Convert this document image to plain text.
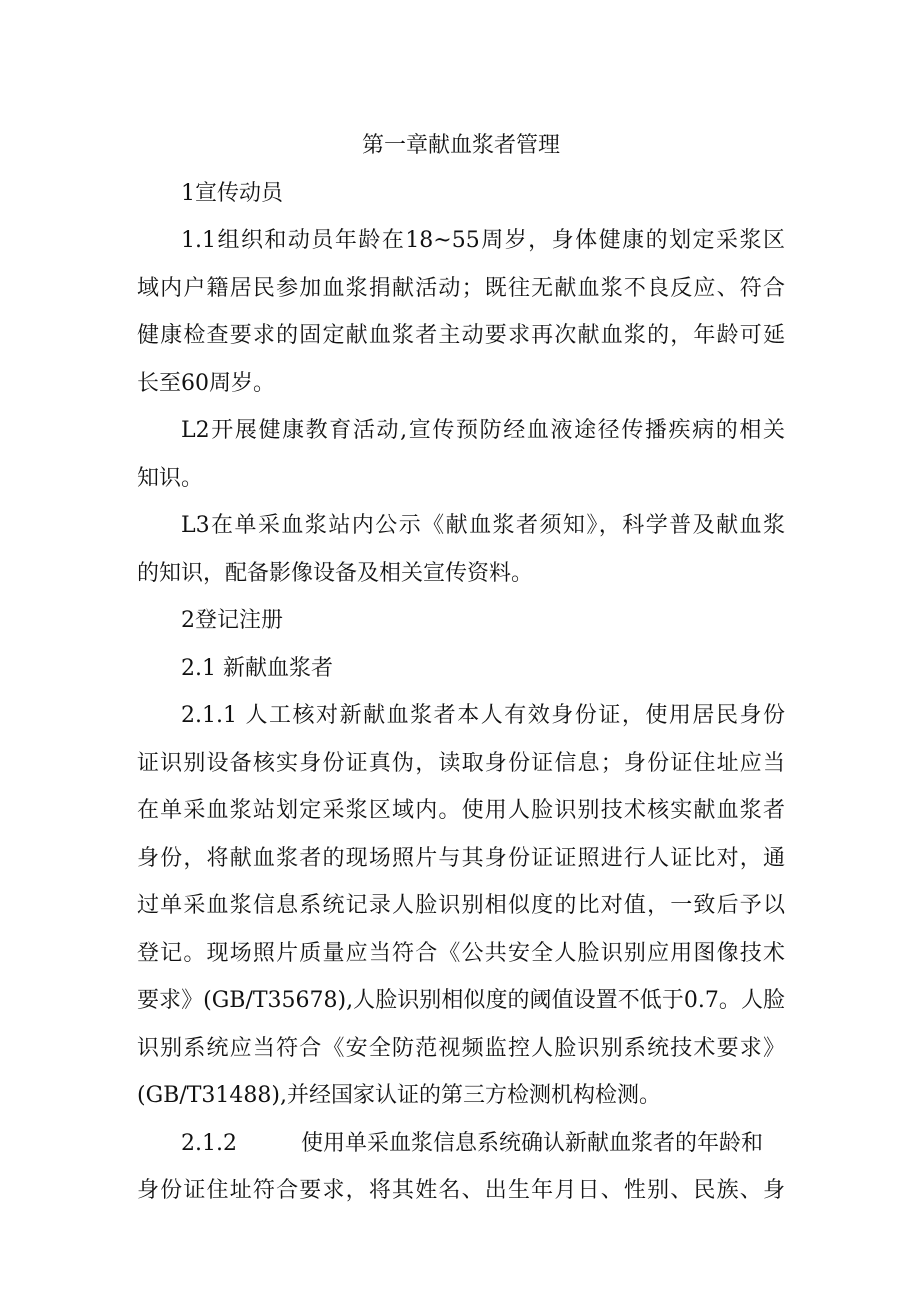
第一章献血浆者管理
1宣传动员
1.1组织和动员年龄在18~55周岁，身体健康的划定采浆区
域内户籍居民参加血浆捐献活动；既往无献血浆不良反应、符合
健康检查要求的固定献血浆者主动要求再次献血浆的，年龄可延
长至60周岁。
L2开展健康教育活动,宣传预防经血液途径传播疾病的相关
知识。
L3在单采血浆站内公示《献血浆者须知》，科学普及献血浆
的知识，配备影像设备及相关宣传资料。
2登记注册
2.1 新献血浆者
2.1.1 人工核对新献血浆者本人有效身份证，使用居民身份
证识别设备核实身份证真伪，读取身份证信息；身份证住址应当
在单采血浆站划定采浆区域内。使用人脸识别技术核实献血浆者
身份，将献血浆者的现场照片与其身份证证照进行人证比对，通
过单采血浆信息系统记录人脸识别相似度的比对值，一致后予以
登记。现场照片质量应当符合《公共安全人脸识别应用图像技术
要求》(GB/T35678),人脸识别相似度的阈值设置不低于0.7。人脸
识别系统应当符合《安全防范视频监控人脸识别系统技术要求》
(GB/T31488),并经国家认证的第三方检测机构检测。
2.1.2	使用单采血浆信息系统确认新献血浆者的年龄和
身份证住址符合要求，将其姓名、出生年月日、性别、民族、身
